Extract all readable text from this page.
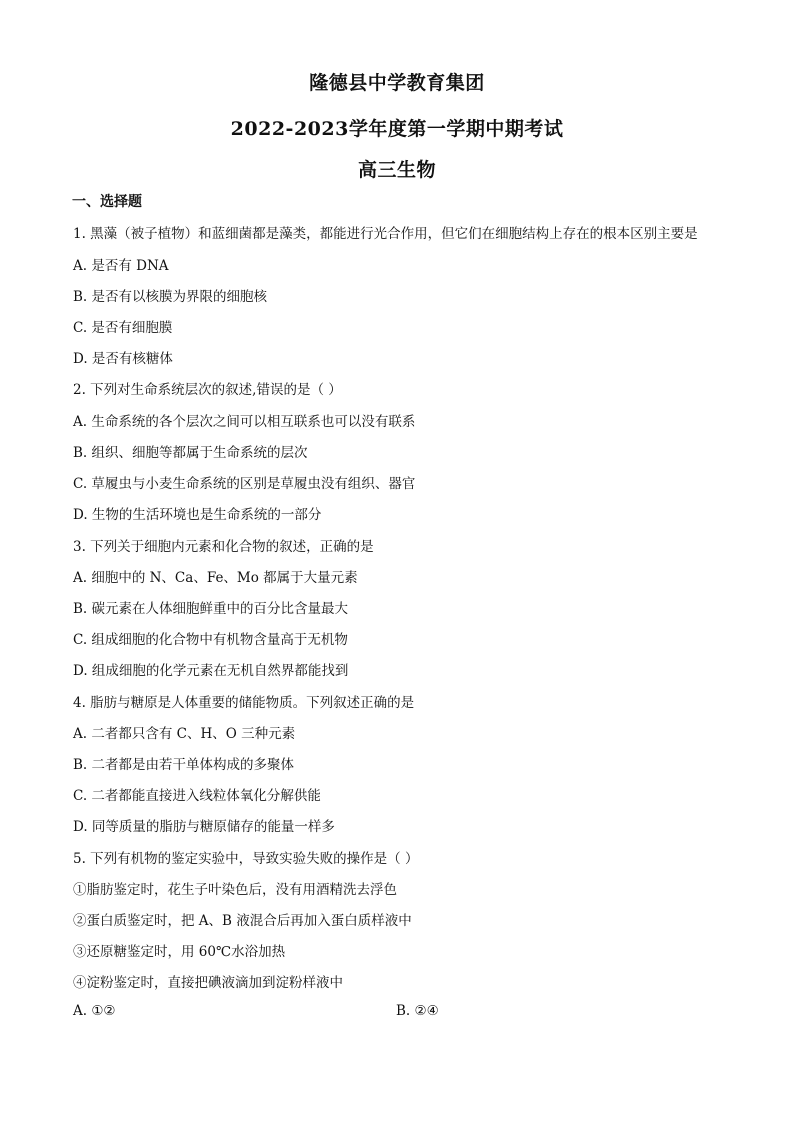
隆德县中学教育集团
2022-2023学年度第一学期中期考试
高三生物
一、选择题
1. 黑藻（被子植物）和蓝细菌都是藻类，都能进行光合作用，但它们在细胞结构上存在的根本区别主要是
A. 是否有 DNA
B. 是否有以核膜为界限的细胞核
C. 是否有细胞膜
D. 是否有核糖体
2. 下列对生命系统层次的叙述,错误的是（ ）
A. 生命系统的各个层次之间可以相互联系也可以没有联系
B. 组织、细胞等都属于生命系统的层次
C. 草履虫与小麦生命系统的区别是草履虫没有组织、器官
D. 生物的生活环境也是生命系统的一部分
3. 下列关于细胞内元素和化合物的叙述，正确的是
A. 细胞中的 N、Ca、Fe、Mo 都属于大量元素
B. 碳元素在人体细胞鲜重中的百分比含量最大
C. 组成细胞的化合物中有机物含量高于无机物
D. 组成细胞的化学元素在无机自然界都能找到
4. 脂肪与糖原是人体重要的储能物质。下列叙述正确的是
A. 二者都只含有 C、H、O 三种元素
B. 二者都是由若干单体构成的多聚体
C. 二者都能直接进入线粒体氧化分解供能
D. 同等质量的脂肪与糖原储存的能量一样多
5. 下列有机物的鉴定实验中，导致实验失败的操作是（ ）
①脂肪鉴定时，花生子叶染色后，没有用酒精洗去浮色
②蛋白质鉴定时，把 A、B 液混合后再加入蛋白质样液中
③还原糖鉴定时，用 60℃水浴加热
④淀粉鉴定时，直接把碘液滴加到淀粉样液中
A. ①②	B. ②④
